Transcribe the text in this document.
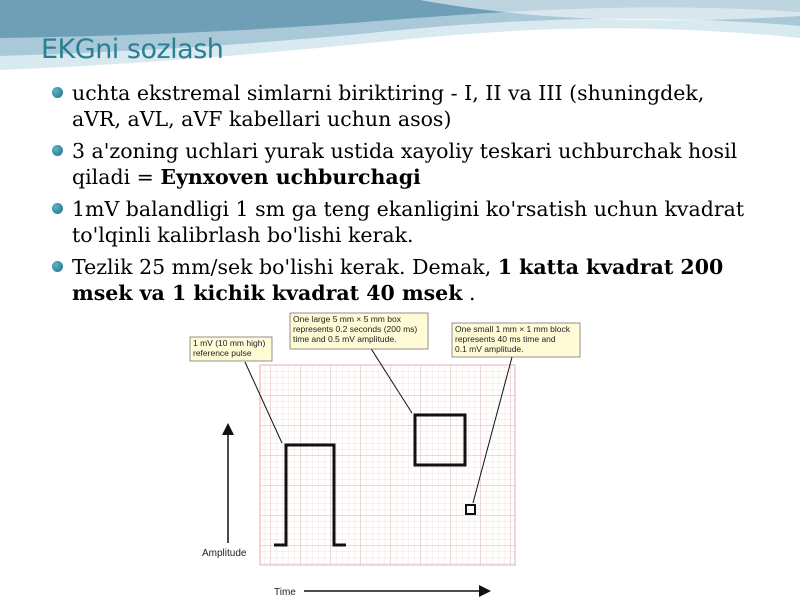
EKGni sozlash
uchta ekstremal simlarni biriktiring - I, II va III (shuningdek, aVR, aVL, aVF kabellari uchun asos)
3 a'zoning uchlari yurak ustida xayoliy teskari uchburchak hosil qiladi = Eynxoven uchburchagi
1mV balandligi 1 sm ga teng ekanligini ko'rsatish uchun kvadrat to'lqinli kalibrlash bo'lishi kerak.
Tezlik 25 mm/sek bo'lishi kerak. Demak, 1 katta kvadrat 200 msek va 1 kichik kvadrat 40 msek .
1 mV (10 mm high)
reference pulse
One large 5 mm × 5 mm box
represents 0.2 seconds (200 ms)
time and 0.5 mV amplitude.
One small 1 mm × 1 mm block
represents 40 ms time and
0.1 mV amplitude.
Amplitude
Time
